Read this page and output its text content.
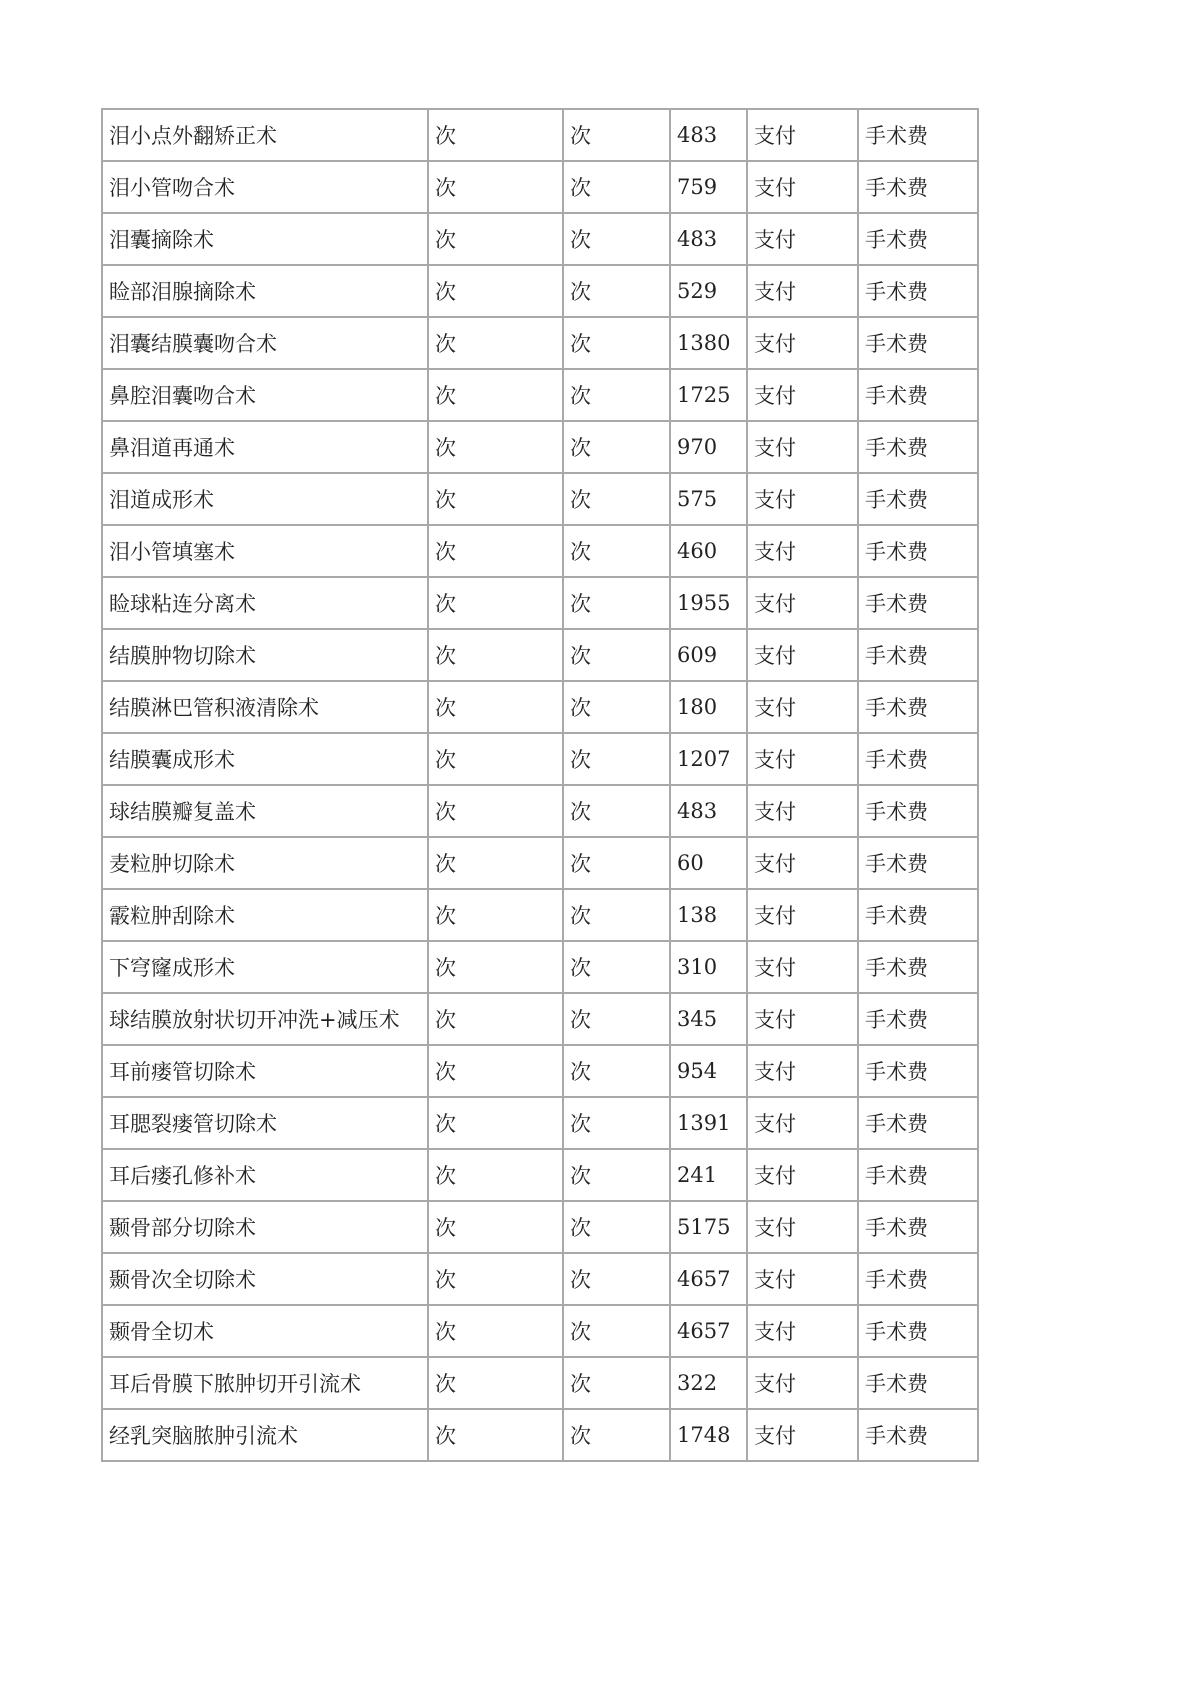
泪小点外翻矫正术	次	次	483	支付	手术费
泪小管吻合术	次	次	759	支付	手术费
泪囊摘除术	次	次	483	支付	手术费
睑部泪腺摘除术	次	次	529	支付	手术费
泪囊结膜囊吻合术	次	次	1380	支付	手术费
鼻腔泪囊吻合术	次	次	1725	支付	手术费
鼻泪道再通术	次	次	970	支付	手术费
泪道成形术	次	次	575	支付	手术费
泪小管填塞术	次	次	460	支付	手术费
睑球粘连分离术	次	次	1955	支付	手术费
结膜肿物切除术	次	次	609	支付	手术费
结膜淋巴管积液清除术	次	次	180	支付	手术费
结膜囊成形术	次	次	1207	支付	手术费
球结膜瓣复盖术	次	次	483	支付	手术费
麦粒肿切除术	次	次	60	支付	手术费
霰粒肿刮除术	次	次	138	支付	手术费
下穹窿成形术	次	次	310	支付	手术费
球结膜放射状切开冲洗+减压术	次	次	345	支付	手术费
耳前瘘管切除术	次	次	954	支付	手术费
耳腮裂瘘管切除术	次	次	1391	支付	手术费
耳后瘘孔修补术	次	次	241	支付	手术费
颞骨部分切除术	次	次	5175	支付	手术费
颞骨次全切除术	次	次	4657	支付	手术费
颞骨全切术	次	次	4657	支付	手术费
耳后骨膜下脓肿切开引流术	次	次	322	支付	手术费
经乳突脑脓肿引流术	次	次	1748	支付	手术费
